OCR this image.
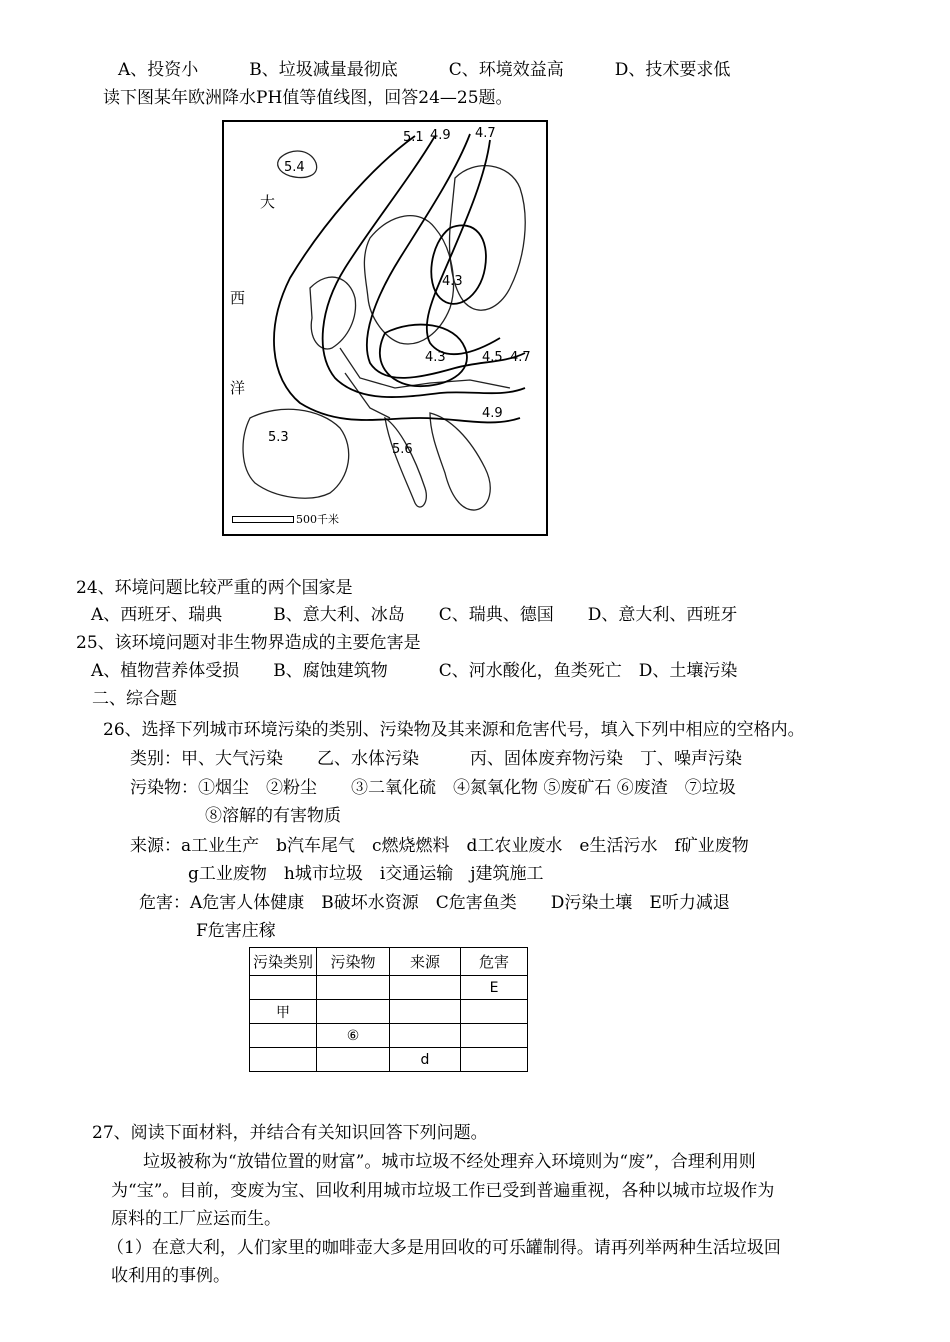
A、投资小　　　B、垃圾减量最彻底　　　C、环境效益高　　　D、技术要求低
读下图某年欧洲降水PH值等值线图，回答24—25题。
5.1 4.9 4.7
5.4
大
西
洋
4.3
4.3	4.5 4.7
4.9
5.3
5.6
500千米
24、环境问题比较严重的两个国家是
A、西班牙、瑞典　　　B、意大利、冰岛　　C、瑞典、德国　　D、意大利、西班牙
25、该环境问题对非生物界造成的主要危害是
A、植物营养体受损　　B、腐蚀建筑物　　　C、河水酸化，鱼类死亡　D、土壤污染
二、综合题
26、选择下列城市环境污染的类别、污染物及其来源和危害代号，填入下列中相应的空格内。
类别：甲、大气污染　　乙、水体污染　　　丙、固体废弃物污染　丁、噪声污染
污染物：①烟尘　②粉尘　　③二氧化硫　④氮氧化物 ⑤废矿石 ⑥废渣　⑦垃圾
⑧溶解的有害物质
来源：a工业生产　b汽车尾气　c燃烧燃料　d工农业废水　e生活污水　f矿业废物
g工业废物　h城市垃圾　i交通运输　j建筑施工
危害：A危害人体健康　B破坏水资源　C危害鱼类　　D污染土壤　E听力减退
F危害庄稼
污染类别	污染物	来源	危害
			E
甲			
	⑥		
		d	
27、阅读下面材料，并结合有关知识回答下列问题。
垃圾被称为“放错位置的财富”。城市垃圾不经处理弃入环境则为“废”，合理利用则
为“宝”。目前，变废为宝、回收利用城市垃圾工作已受到普遍重视，各种以城市垃圾作为
原料的工厂应运而生。
（1）在意大利，人们家里的咖啡壶大多是用回收的可乐罐制得。请再列举两种生活垃圾回
收利用的事例。
